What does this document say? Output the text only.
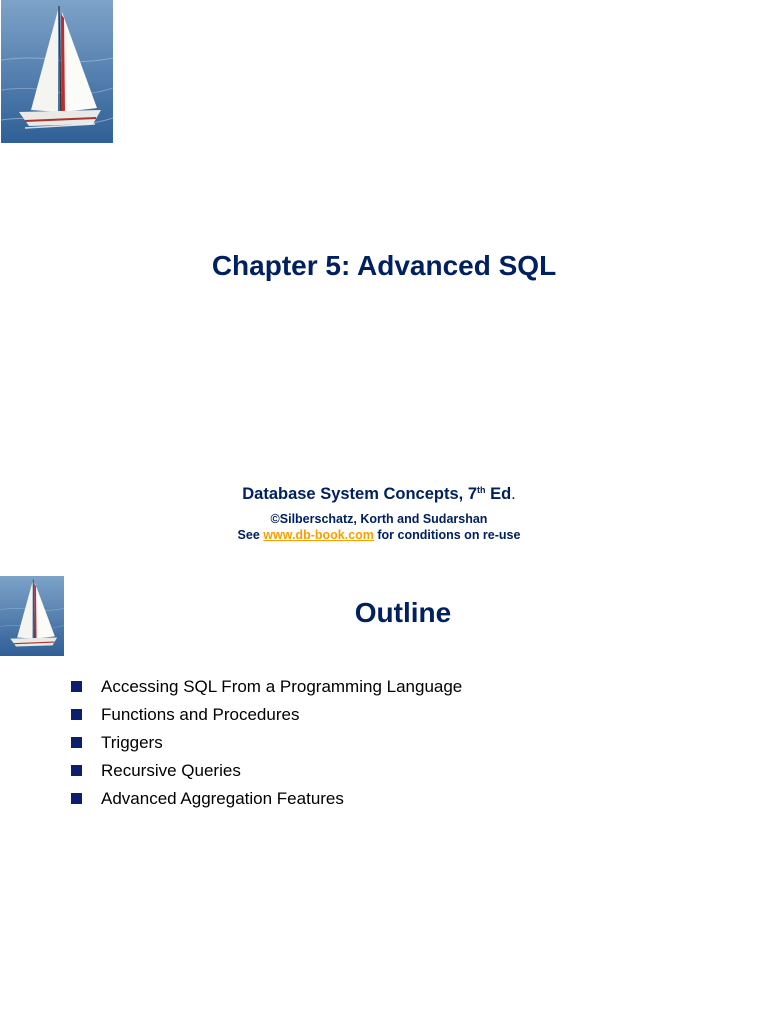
Chapter 5: Advanced SQL
Database System Concepts, 7th Ed.
©Silberschatz, Korth and Sudarshan
See www.db-book.com for conditions on re-use
Outline
Accessing SQL From a Programming Language
Functions and Procedures
Triggers
Recursive Queries
Advanced Aggregation Features
